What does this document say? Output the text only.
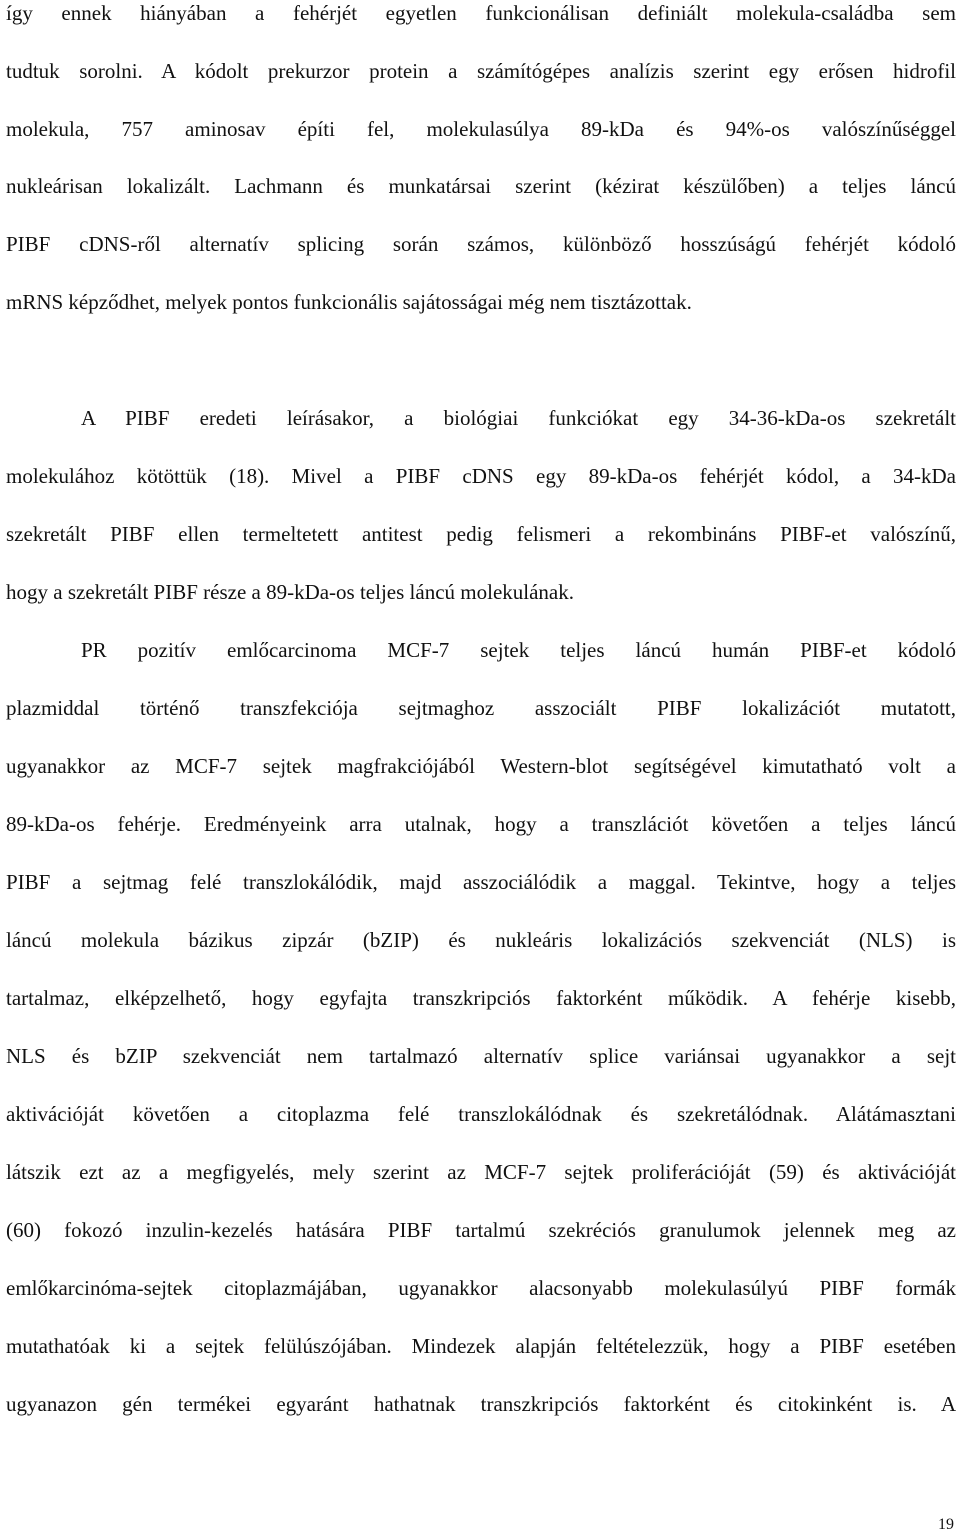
így ennek hiányában a fehérjét egyetlen funkcionálisan definiált molekula-családba sem
tudtuk sorolni. A kódolt prekurzor protein a számítógépes analízis szerint egy erősen hidrofil
molekula, 757 aminosav építi fel, molekulasúlya 89-kDa és 94%-os valószínűséggel
nukleárisan lokalizált. Lachmann és munkatársai szerint (kézirat készülőben) a teljes láncú
PIBF cDNS-ről alternatív splicing során számos, különböző hosszúságú fehérjét kódoló
mRNS képződhet, melyek pontos funkcionális sajátosságai még nem tisztázottak.
A PIBF eredeti leírásakor, a biológiai funkciókat egy 34-36-kDa-os szekretált
molekulához kötöttük (18). Mivel a PIBF cDNS egy 89-kDa-os fehérjét kódol, a 34-kDa
szekretált PIBF ellen termeltetett antitest pedig felismeri a rekombináns PIBF-et valószínű,
hogy a szekretált PIBF része a 89-kDa-os teljes láncú molekulának.
PR pozitív emlőcarcinoma MCF-7 sejtek teljes láncú humán PIBF-et kódoló
plazmiddal történő transzfekciója sejtmaghoz asszociált PIBF lokalizációt mutatott,
ugyanakkor az MCF-7 sejtek magfrakciójából Western-blot segítségével kimutatható volt a
89-kDa-os fehérje. Eredményeink arra utalnak, hogy a transzlációt követően a teljes láncú
PIBF a sejtmag felé transzlokálódik, majd asszociálódik a maggal. Tekintve, hogy a teljes
láncú molekula bázikus zipzár (bZIP) és nukleáris lokalizációs szekvenciát (NLS) is
tartalmaz, elképzelhető, hogy egyfajta transzkripciós faktorként működik. A fehérje kisebb,
NLS és bZIP szekvenciát nem tartalmazó alternatív splice variánsai ugyanakkor a sejt
aktivációját követően a citoplazma felé transzlokálódnak és szekretálódnak. Alátámasztani
látszik ezt az a megfigyelés, mely szerint az MCF-7 sejtek proliferációját (59) és aktivációját
(60) fokozó inzulin-kezelés hatására PIBF tartalmú szekréciós granulumok jelennek meg az
emlőkarcinóma-sejtek citoplazmájában, ugyanakkor alacsonyabb molekulasúlyú PIBF formák
mutathatóak ki a sejtek felülúszójában. Mindezek alapján feltételezzük, hogy a PIBF esetében
ugyanazon gén termékei egyaránt hathatnak transzkripciós faktorként és citokinként is. A
19
